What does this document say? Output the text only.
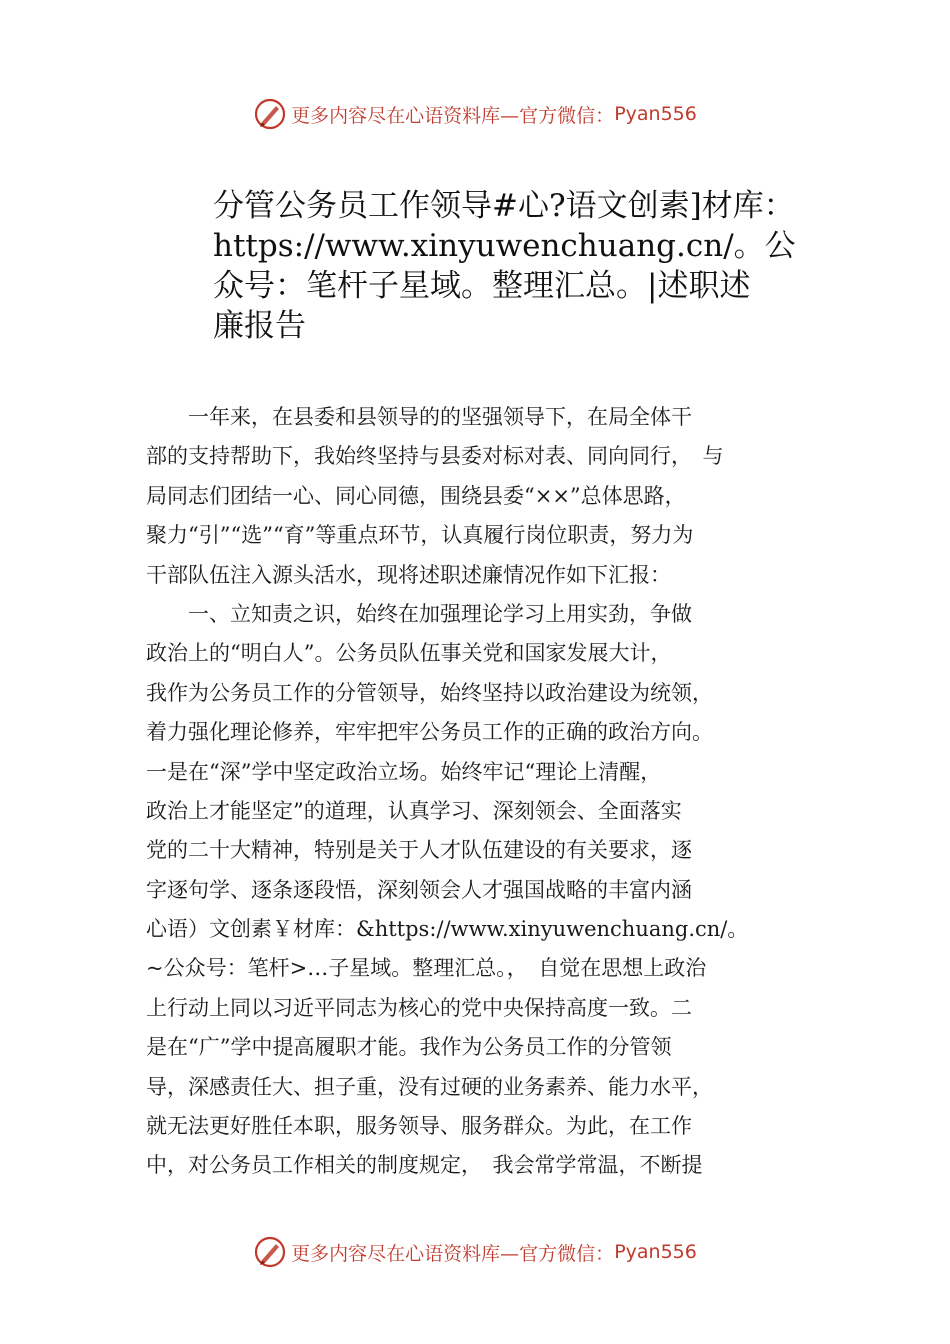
更多内容尽在心语资料库— 官方微信： Pyan556
分管公务员工作领导#心?语文创素]材库：
https://www.xinyuwenchuang.cn/。公
众号：笔杆子星域。整理汇总。|述职述
廉报告
　　一年来，在县委和县领导的的坚强领导下，在局全体干
部的支持帮助下，我始终坚持与县委对标对表、同向同行，　与
局同志们团结一心、同心同德，围绕县委“××”总体思路，
聚力“引”“选”“育”等重点环节，认真履行岗位职责，努力为
干部队伍注入源头活水，现将述职述廉情况作如下汇报：
　　一、立知责之识，始终在加强理论学习上用实劲，争做
政治上的“明白人”。公务员队伍事关党和国家发展大计，
我作为公务员工作的分管领导，始终坚持以政治建设为统领，
着力强化理论修养，牢牢把牢公务员工作的正确的政治方向。
一是在“深”学中坚定政治立场。始终牢记“理论上清醒，
政治上才能坚定”的道理，认真学习、深刻领会、全面落实
党的二十大精神，特别是关于人才队伍建设的有关要求，逐
字逐句学、逐条逐段悟，深刻领会人才强国战略的丰富内涵
心语）文创素￥材库：&https://www.xinyuwenchuang.cn/。
~公众号：笔杆>…子星域。整理汇总。，　自觉在思想上政治
上行动上同以习近平同志为核心的党中央保持高度一致。二
是在“广”学中提高履职才能。我作为公务员工作的分管领
导，深感责任大、担子重，没有过硬的业务素养、能力水平，
就无法更好胜任本职，服务领导、服务群众。为此，在工作
中，对公务员工作相关的制度规定，　我会常学常温，不断提
更多内容尽在心语资料库— 官方微信： Pyan556
